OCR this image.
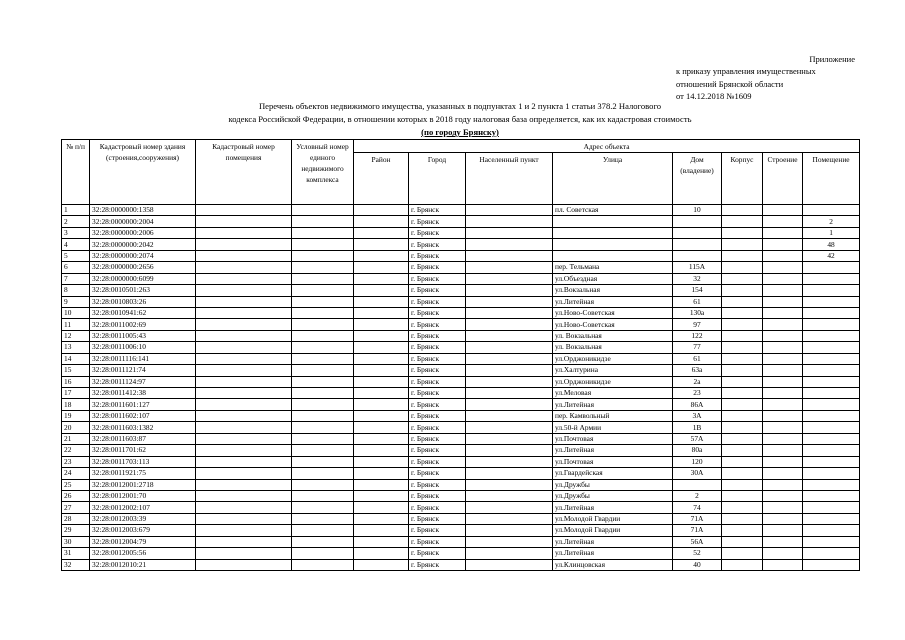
Приложение
к приказу управления имущественных
отношений Брянской области
от 14.12.2018 №1609
Перечень объектов недвижимого имущества, указанных в подпунктах 1 и 2 пункта 1 статьи 378.2 Налогового
кодекса Российской Федерации, в отношении которых в 2018 году налоговая база определяется, как их кадастровая стоимость
(по городу Брянску)
№ п/п	Кадастровый номер здания (строения,сооружения)	Кадастровый номер помещения	Условный номер единого недвижимого комплекса	Адрес объекта							
				Район	Город	Населенный пункт	Улица	Дом (владение)	Корпус	Строение	Помещение
1	32:28:0000000:1358				г. Брянск		пл. Советская	10			
2	32:28:0000000:2004				г. Брянск						2
3	32:28:0000000:2006				г. Брянск						1
4	32:28:0000000:2042				г. Брянск						48
5	32:28:0000000:2074				г. Брянск						42
6	32:28:0000000:2656				г. Брянск		пер. Тельмана	115А			
7	32:28:0000000:6099				г. Брянск		ул.Объездная	32			
8	32:28:0010501:263				г. Брянск		ул.Вокзальная	154			
9	32:28:0010803:26				г. Брянск		ул.Литейная	61			
10	32:28:0010941:62				г. Брянск		ул.Ново-Советская	130а			
11	32:28:0011002:69				г. Брянск		ул.Ново-Советская	97			
12	32:28:0011005:43				г. Брянск		ул. Вокзальная	122			
13	32:28:0011006:10				г. Брянск		ул. Вокзальная	77			
14	32:28:0011116:141				г. Брянск		ул.Орджоникидзе	61			
15	32:28:0011121:74				г. Брянск		ул.Халтурина	63а			
16	32:28:0011124:97				г. Брянск		ул.Орджоникидзе	2а			
17	32:28:0011412:38				г. Брянск		ул.Меловая	23			
18	32:28:0011601:127				г. Брянск		ул.Литейная	86А			
19	32:28:0011602:107				г. Брянск		пер. Камвольный	3А			
20	32:28:0011603:1382				г. Брянск		ул.50-й Армии	1В			
21	32:28:0011603:87				г. Брянск		ул.Почтовая	57А			
22	32:28:0011701:62				г. Брянск		ул.Литейная	80а			
23	32:28:0011703:113				г. Брянск		ул.Почтовая	120			
24	32:28:0011921:75				г. Брянск		ул.Гвардейская	30А			
25	32:28:0012001:2718				г. Брянск		ул.Дружбы				
26	32:28:0012001:70				г. Брянск		ул.Дружбы	2			
27	32:28:0012002:107				г. Брянск		ул.Литейная	74			
28	32:28:0012003:39				г. Брянск		ул.Молодой Гвардии	71А			
29	32:28:0012003:679				г. Брянск		ул.Молодой Гвардии	71А			
30	32:28:0012004:79				г. Брянск		ул.Литейная	56А			
31	32:28:0012005:56				г. Брянск		ул.Литейная	52			
32	32:28:0012010:21				г. Брянск		ул.Клинцовская	40			
